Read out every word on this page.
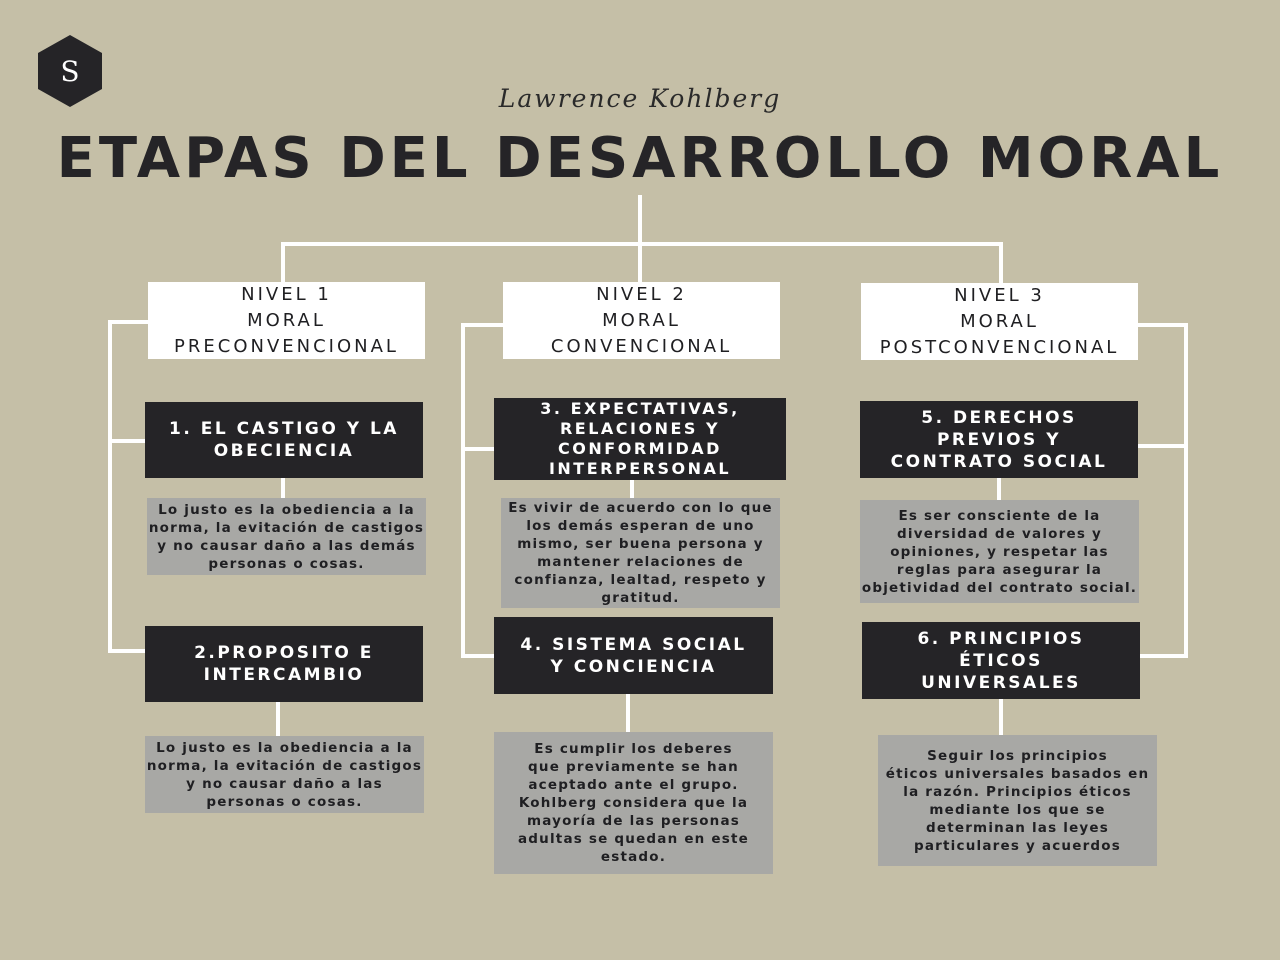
S
Lawrence Kohlberg
ETAPAS DEL DESARROLLO MORAL
NIVEL 1
MORAL
PRECONVENCIONAL
1. EL CASTIGO Y LA
OBECIENCIA
Lo justo es la obediencia a la
norma, la evitación de castigos
y no causar daño a las demás
personas o cosas.
2.PROPOSITO E
INTERCAMBIO
Lo justo es la obediencia a la
norma, la evitación de castigos
y no causar daño a las
personas o cosas.
NIVEL 2
MORAL
CONVENCIONAL
3. EXPECTATIVAS,
RELACIONES Y
CONFORMIDAD
INTERPERSONAL
Es vivir de acuerdo con lo que
los demás esperan de uno
mismo, ser buena persona y
mantener relaciones de
confianza, lealtad, respeto y
gratitud.
4. SISTEMA SOCIAL
Y CONCIENCIA
Es cumplir los deberes
que previamente se han
aceptado ante el grupo.
Kohlberg considera que la
mayoría de las personas
adultas se quedan en este
estado.
NIVEL 3
MORAL
POSTCONVENCIONAL
5. DERECHOS
PREVIOS Y
CONTRATO SOCIAL
Es ser consciente de la
diversidad de valores y
opiniones, y respetar las
reglas para asegurar la
objetividad del contrato social.
6. PRINCIPIOS
ÉTICOS
UNIVERSALES
Seguir los principios
éticos universales basados en
la razón. Principios éticos
mediante los que se
determinan las leyes
particulares y acuerdos
